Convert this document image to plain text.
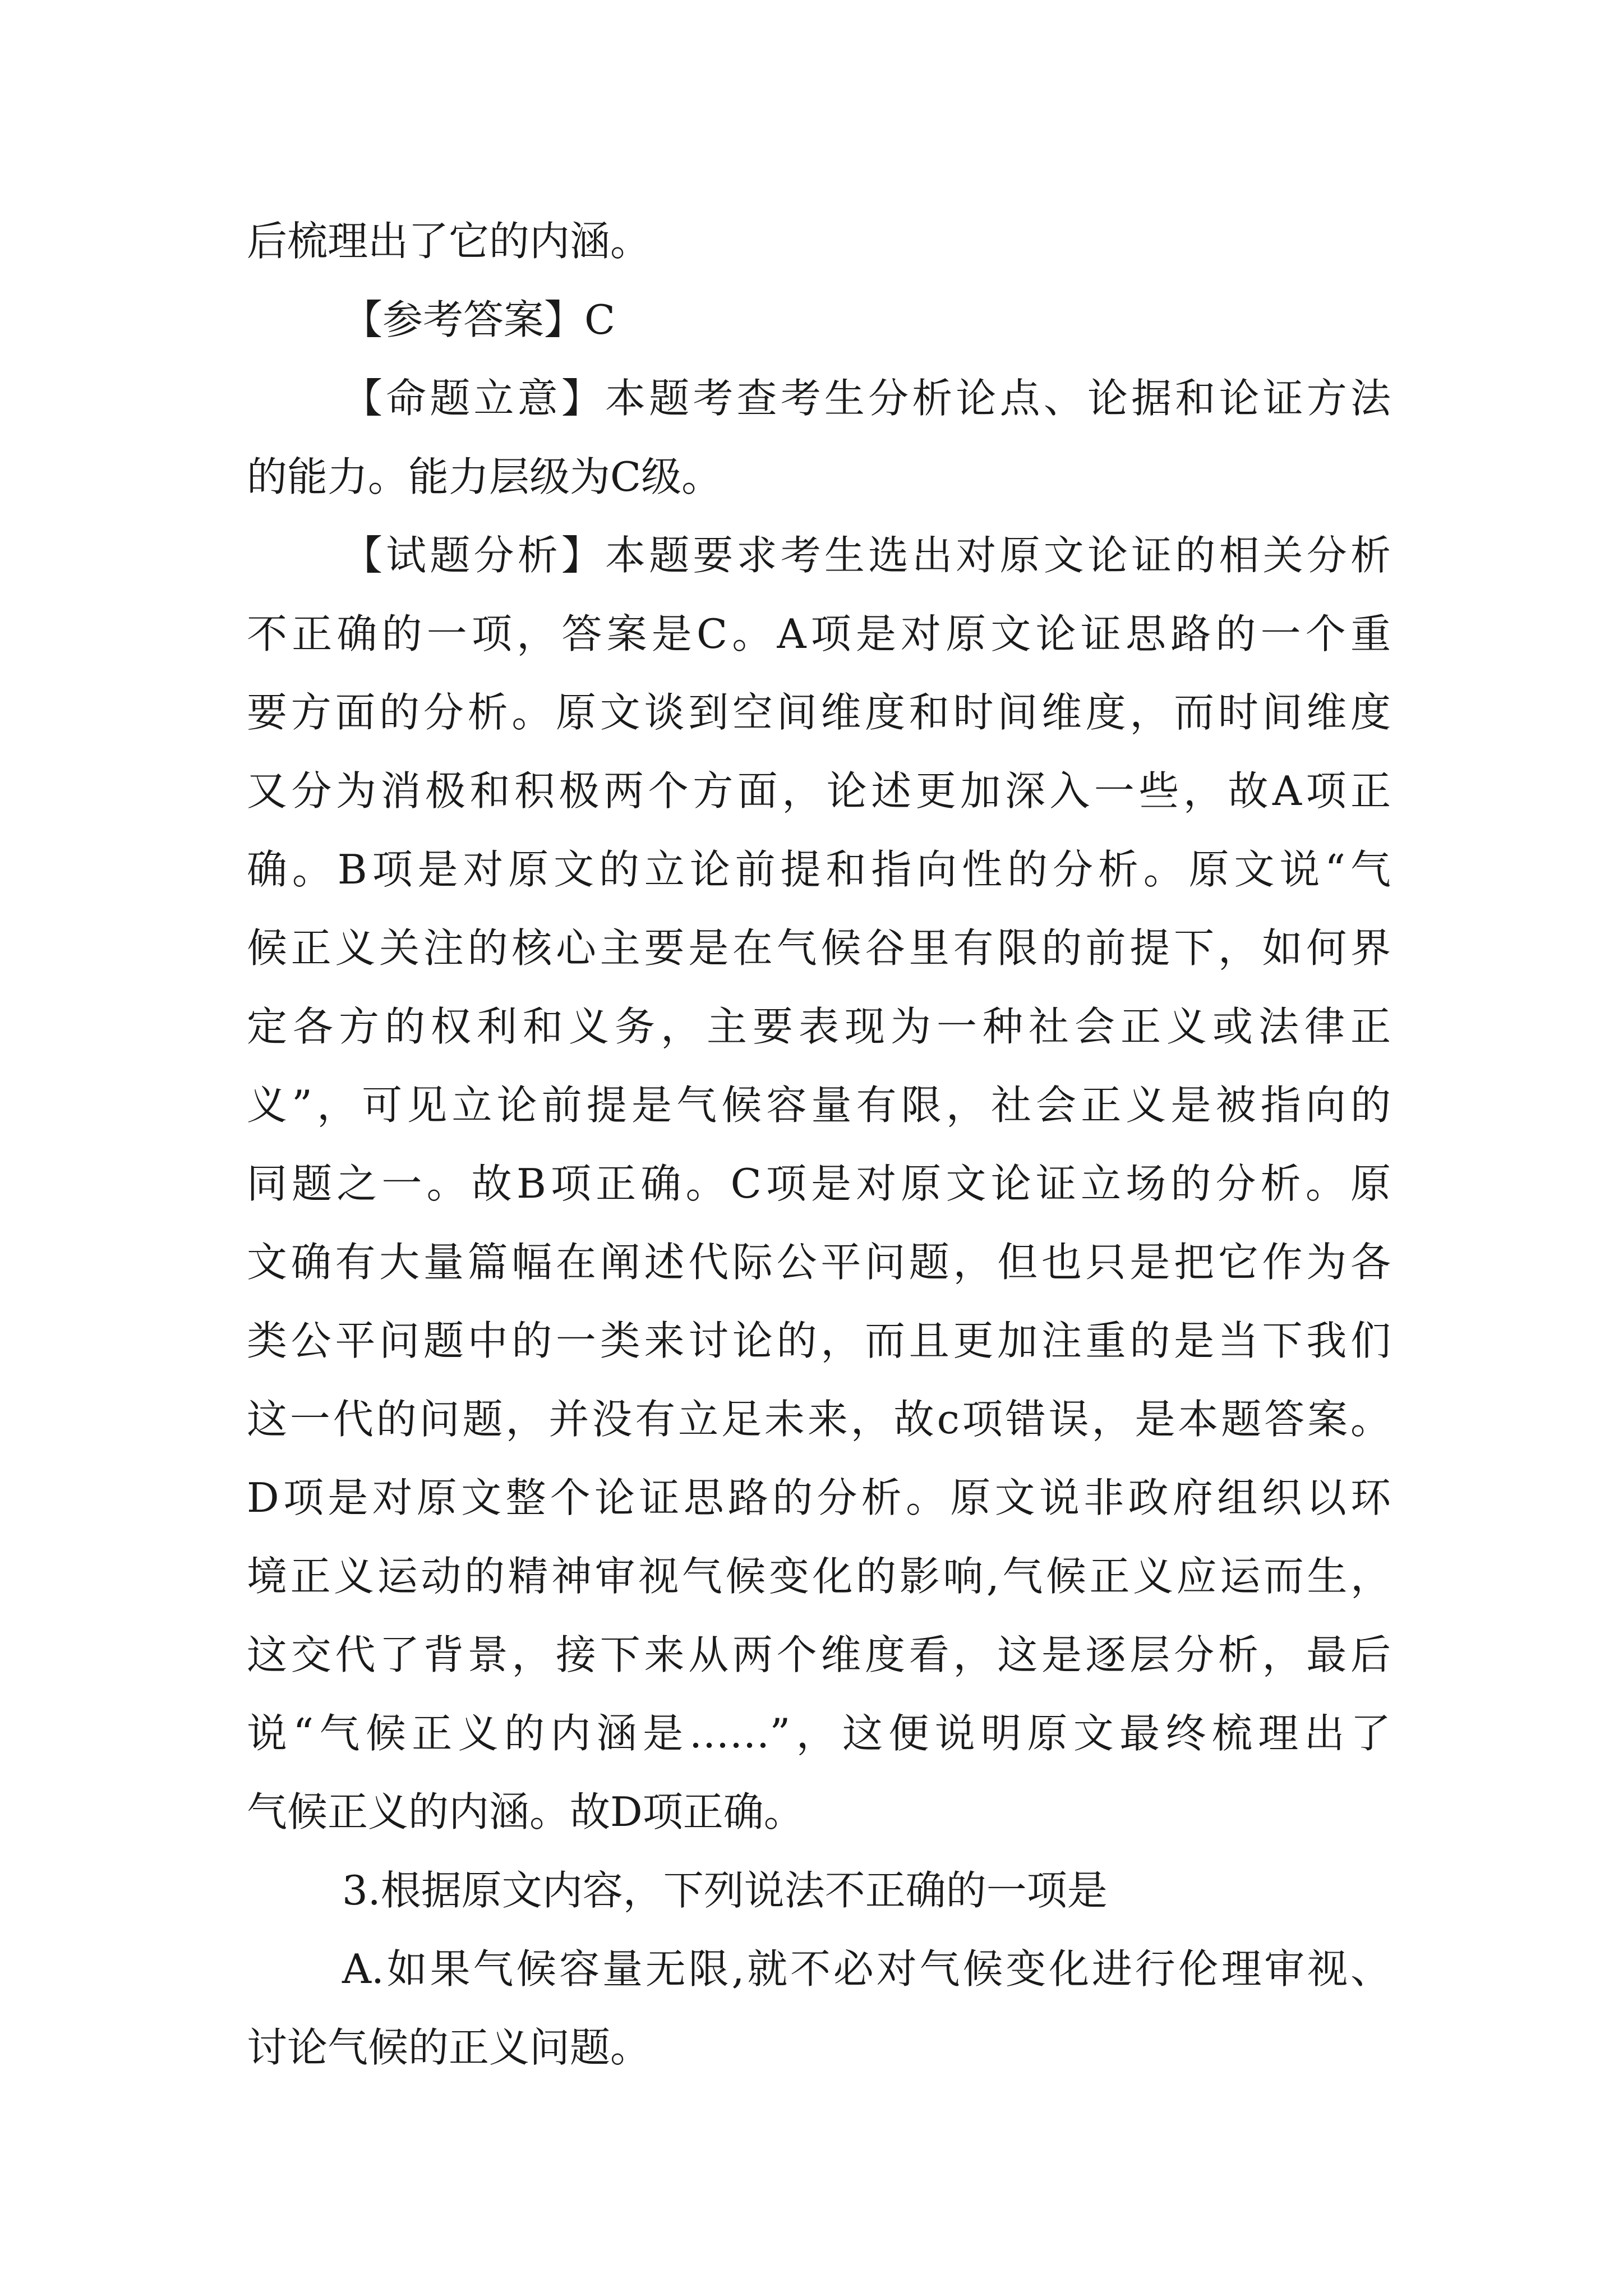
后梳理出了它的内涵。
【参考答案】C
【命题立意】本题考查考生分析论点、论据和论证方法
的能力。能力层级为C级。
【试题分析】本题要求考生选出对原文论证的相关分析
不正确的一项，答案是C。A项是对原文论证思路的一个重
要方面的分析。原文谈到空间维度和时间维度，而时间维度
又分为消极和积极两个方面，论述更加深入一些，故A项正
确。B项是对原文的立论前提和指向性的分析。原文说“气
候正义关注的核心主要是在气候谷里有限的前提下，如何界
定各方的权利和义务，主要表现为一种社会正义或法律正
义”，可见立论前提是气候容量有限，社会正义是被指向的
同题之一。故B项正确。C项是对原文论证立场的分析。原
文确有大量篇幅在阐述代际公平问题，但也只是把它作为各
类公平问题中的一类来讨论的，而且更加注重的是当下我们
这一代的问题，并没有立足未来，故c项错误，是本题答案。
D项是对原文整个论证思路的分析。原文说非政府组织以环
境正义运动的精神审视气候变化的影响,气候正义应运而生，
这交代了背景，接下来从两个维度看，这是逐层分析，最后
说“气候正义的内涵是……”，这便说明原文最终梳理出了
气候正义的内涵。故D项正确。
3.根据原文内容，下列说法不正确的一项是
A.如果气候容量无限,就不必对气候变化进行伦理审视、
讨论气候的正义问题。
